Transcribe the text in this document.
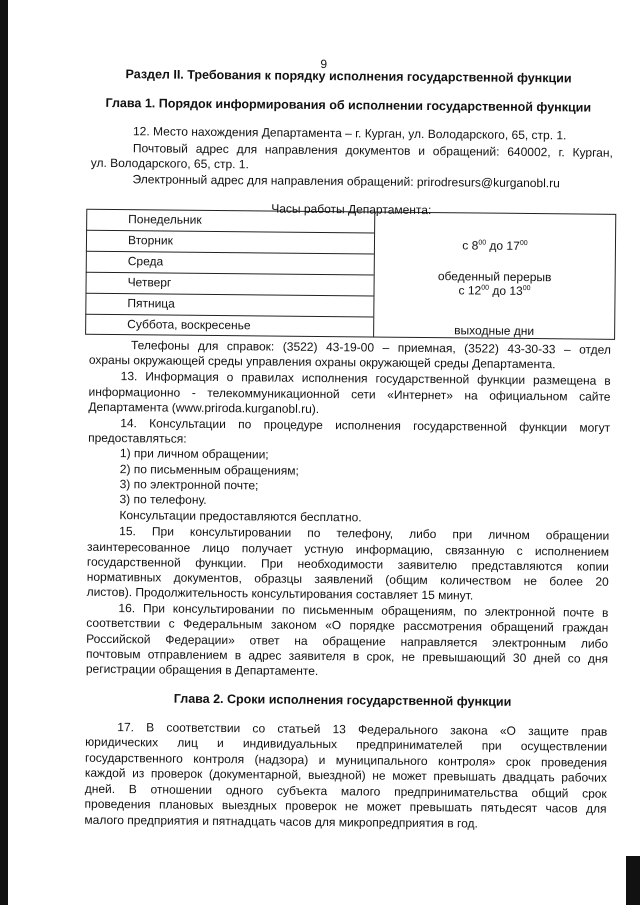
9
Раздел II. Требования к порядку исполнения государственной функции
Глава 1. Порядок информирования об исполнении государственной функции
12. Место нахождения Департамента – г. Курган, ул. Володарского, 65, стр. 1.
Почтовый адрес для направления документов и обращений: 640002, г. Курган,
ул. Володарского, 65, стр. 1.
Электронный адрес для направления обращений: prirodresurs@kurganobl.ru
Часы работы Департамента:
Понедельник
Вторник
Среда
Четверг
Пятница
Суббота, воскресенье
с $8^{00}$ до $17^{00}$
обеденный перерыв
с $12^{00}$ до $13^{00}$
выходные дни
Телефоны для справок: (3522) 43-19-00 – приемная, (3522) 43-30-33 – отдел
охраны окружающей среды управления охраны окружающей среды Департамента.
13. Информация о правилах исполнения государственной функции размещена в
информационно - телекоммуникационной сети «Интернет» на официальном сайте
Департамента (www.priroda.kurganobl.ru).
14. Консультации по процедуре исполнения государственной функции могут
предоставляться:
1) при личном обращении;
2) по письменным обращениям;
3) по электронной почте;
3) по телефону.
Консультации предоставляются бесплатно.
15. При консультировании по телефону, либо при личном обращении
заинтересованное лицо получает устную информацию, связанную с исполнением
государственной функции. При необходимости заявителю представляются копии
нормативных документов, образцы заявлений (общим количеством не более 20
листов). Продолжительность консультирования составляет 15 минут.
16. При консультировании по письменным обращениям, по электронной почте в
соответствии с Федеральным законом «О порядке рассмотрения обращений граждан
Российской Федерации» ответ на обращение направляется электронным либо
почтовым отправлением в адрес заявителя в срок, не превышающий 30 дней со дня
регистрации обращения в Департаменте.
Глава 2. Сроки исполнения государственной функции
17. В соответствии со статьей 13 Федерального закона «О защите прав
юридических лиц и индивидуальных предпринимателей при осуществлении
государственного контроля (надзора) и муниципального контроля» срок проведения
каждой из проверок (документарной, выездной) не может превышать двадцать рабочих
дней. В отношении одного субъекта малого предпринимательства общий срок
проведения плановых выездных проверок не может превышать пятьдесят часов для
малого предприятия и пятнадцать часов для микропредприятия в год.
